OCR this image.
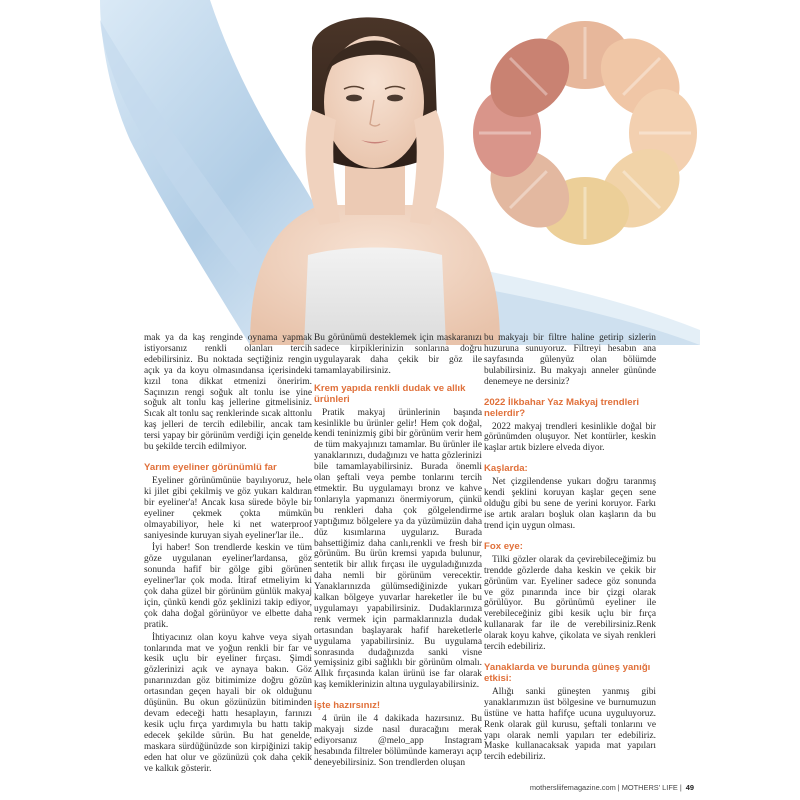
mak ya da kaş renginde oynama yapmak istiyorsanız renkli olanları tercih edebilirsiniz. Bu noktada seçtiğiniz rengin açık ya da koyu olmasındansa içerisindeki kızıl tona dikkat etmenizi öneririm. Saçınızın rengi soğuk alt tonlu ise yine soğuk alt tonlu kaş jellerine gitmelisiniz. Sıcak alt tonlu saç renklerinde sıcak alttonlu kaş jelleri de tercih edilebilir, ancak tam tersi yapay bir görünüm verdiği için genelde bu şekilde tercih edilmiyor.

Yarım eyeliner görünümlü far

Eyeliner görünümünüe bayılıyoruz, hele ki jilet gibi çekilmiş ve göz yukarı kaldıran bir eyeliner'a! Ancak kısa sürede böyle bir eyeliner çekmek çokta mümkün olmayabiliyor, hele ki net waterproof saniyesinde kuruyan siyah eyeliner'lar ile..

İyi haber! Son trendlerde keskin ve tüm göze uygulanan eyeliner'lardansa, göz sonunda hafif bir gölge gibi görünen eyeliner'lar çok moda. İtiraf etmeliyim ki çok daha güzel bir görünüm günlük makyaj için, çünkü kendi göz şeklinizi takip ediyor, çok daha doğal görünüyor ve elbette daha pratik.

İhtiyacınız olan koyu kahve veya siyah tonlarında mat ve yoğun renkli bir far ve kesik uçlu bir eyeliner fırçası. Şimdi gözlerinizi açık ve aynaya bakın. Göz pınarınızdan göz bitimimize doğru gözün ortasından geçen hayali bir ok olduğunu düşünün. Bu okun gözünüzün bitiminden devam edeceği hattı hesaplayın, farınızı kesik uçlu fırça yardımıyla bu hattı takip edecek şekilde sürün. Bu hat genelde, maskara sürdüğünüzde son kirpiğinizi takip eden hat olur ve gözünüzü çok daha çekik ve kalkık gösterir.

Bu görünümü desteklemek için maskaranızı sadece kirpiklerinizin sonlarına doğru uygulayarak daha çekik bir göz ile tamamlayabilirsiniz.

Krem yapıda renkli dudak ve allık ürünleri

Pratik makyaj ürünlerinin başında kesinlikle bu ürünler gelir! Hem çok doğal, kendi teninizmiş gibi bir görünüm verir hem de tüm makyajınızı tamamlar. Bu ürünler ile yanaklarınızı, dudağınızı ve hatta gözlerinizi bile tamamlayabilirsiniz. Burada önemli olan şeftali veya pembe tonlarını tercih etmektir. Bu uygulamayı bronz ve kahve tonlarıyla yapmanızı önermiyorum, çünkü bu renkleri daha çok gölgelendirme yaptığımız bölgelere ya da yüzümüzün daha düz kısımlarına uygularız. Burada bahsettiğimiz daha canlı,renkli ve fresh bir görünüm. Bu ürün kremsi yapıda bulunur, sentetik bir allık fırçası ile uyguladığınızda daha nemli bir görünüm verecektir. Yanaklarınızda gülümsediğinizde yukarı kalkan bölgeye yuvarlar hareketler ile bu uygulamayı yapabilirsiniz. Dudaklarınıza renk vermek için parmaklarınızla dudak ortasından başlayarak hafif hareketlerle uygulama yapabilirsiniz. Bu uygulama sonrasında dudağınızda sanki visne yemişsiniz gibi sağlıklı bir görünüm olmalı. Allık fırçasında kalan ürünü ise far olarak kaş kemiklerinizin altına uygulayabilirsiniz.

İşte hazırsınız!

4 ürün ile 4 dakikada hazırsınız. Bu makyajı sizde nasıl duracağını merak ediyorsanız @melo_app Instagram hesabında filtreler bölümünde kamerayı açıp deneyebilirsiniz. Son trendlerden oluşan

bu makyajı bir filtre haline getirip sizlerin huzuruna sunuyoruz. Filtreyi hesabın ana sayfasında gülenyüz olan bölümde bulabilirsiniz. Bu makyajı anneler gününde denemeye ne dersiniz?

2022 İlkbahar Yaz Makyaj trendleri nelerdir?

2022 makyaj trendleri kesinlikle doğal bir görünümden oluşuyor. Net kontürler, keskin kaşlar artık bizlere elveda diyor.

Kaşlarda:

Net çizgilendense yukarı doğru taranmış kendi şeklini koruyan kaşlar geçen sene olduğu gibi bu sene de yerini koruyor. Farkı ise artık araları boşluk olan kaşların da bu trend için uygun olması.

Fox eye:

Tilki gözler olarak da çevirebileceğimiz bu trendde gözlerde daha keskin ve çekik bir görünüm var. Eyeliner sadece göz sonunda ve göz pınarında ince bir çizgi olarak görülüyor. Bu görünümü eyeliner ile verebileceğiniz gibi kesik uçlu bir fırça kullanarak far ile de verebilirsiniz.Renk olarak koyu kahve, çikolata ve siyah renkleri tercih edebiliriz.

Yanaklarda ve burunda güneş yanığı etkisi:

Allığı sanki güneşten yanmış gibi yanaklarımızın üst bölgesine ve burnumuzun üstüne ve hatta hafifçe ucuna uyguluyoruz. Renk olarak gül kurusu, şeftali tonlarını ve yapı olarak nemli yapıları ter edebiliriz. Maske kullanacaksak yapıda mat yapıları tercih edebiliriz.

mothersliifemagazine.com | MOTHERS' LIFE | 49
